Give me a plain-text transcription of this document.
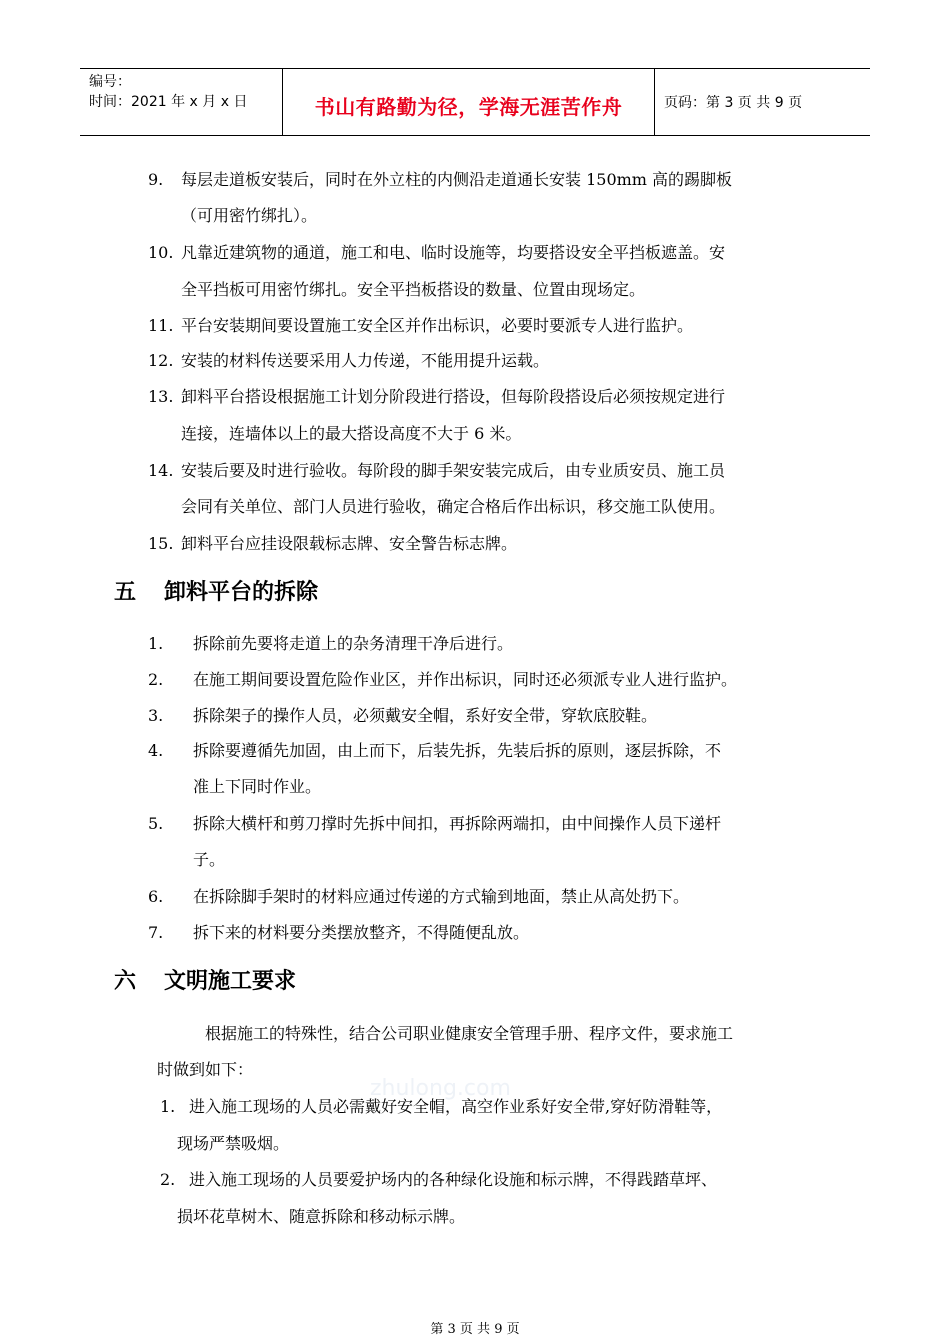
编号：
时间：2021 年 x 月 x 日	书山有路勤为径，学海无涯苦作舟	页码：第 3 页 共 9 页
9. 每层走道板安装后，同时在外立柱的内侧沿走道通长安装 150mm 高的踢脚板
（可用密竹绑扎）。
10. 凡靠近建筑物的通道，施工和电、临时设施等，均要搭设安全平挡板遮盖。安
全平挡板可用密竹绑扎。安全平挡板搭设的数量、位置由现场定。
11. 平台安装期间要设置施工安全区并作出标识，必要时要派专人进行监护。
12. 安装的材料传送要采用人力传递，不能用提升运载。
13. 卸料平台搭设根据施工计划分阶段进行搭设，但每阶段搭设后必须按规定进行
连接，连墙体以上的最大搭设高度不大于 6 米。
14. 安装后要及时进行验收。每阶段的脚手架安装完成后，由专业质安员、施工员
会同有关单位、部门人员进行验收，确定合格后作出标识，移交施工队使用。
15. 卸料平台应挂设限载标志牌、安全警告标志牌。
五 卸料平台的拆除
1. 拆除前先要将走道上的杂务清理干净后进行。
2. 在施工期间要设置危险作业区，并作出标识，同时还必须派专业人进行监护。
3. 拆除架子的操作人员，必须戴安全帽，系好安全带，穿软底胶鞋。
4. 拆除要遵循先加固，由上而下，后装先拆，先装后拆的原则，逐层拆除，不
准上下同时作业。
5. 拆除大横杆和剪刀撑时先拆中间扣，再拆除两端扣，由中间操作人员下递杆
子。
6. 在拆除脚手架时的材料应通过传递的方式输到地面，禁止从高处扔下。
7. 拆下来的材料要分类摆放整齐，不得随便乱放。
六 文明施工要求
根据施工的特殊性，结合公司职业健康安全管理手册、程序文件，要求施工
时做到如下：
zhulong.com
1. 进入施工现场的人员必需戴好安全帽，高空作业系好安全带,穿好防滑鞋等，
现场严禁吸烟。
2. 进入施工现场的人员要爱护场内的各种绿化设施和标示牌，不得践踏草坪、
损坏花草树木、随意拆除和移动标示牌。
第 3 页 共 9 页
